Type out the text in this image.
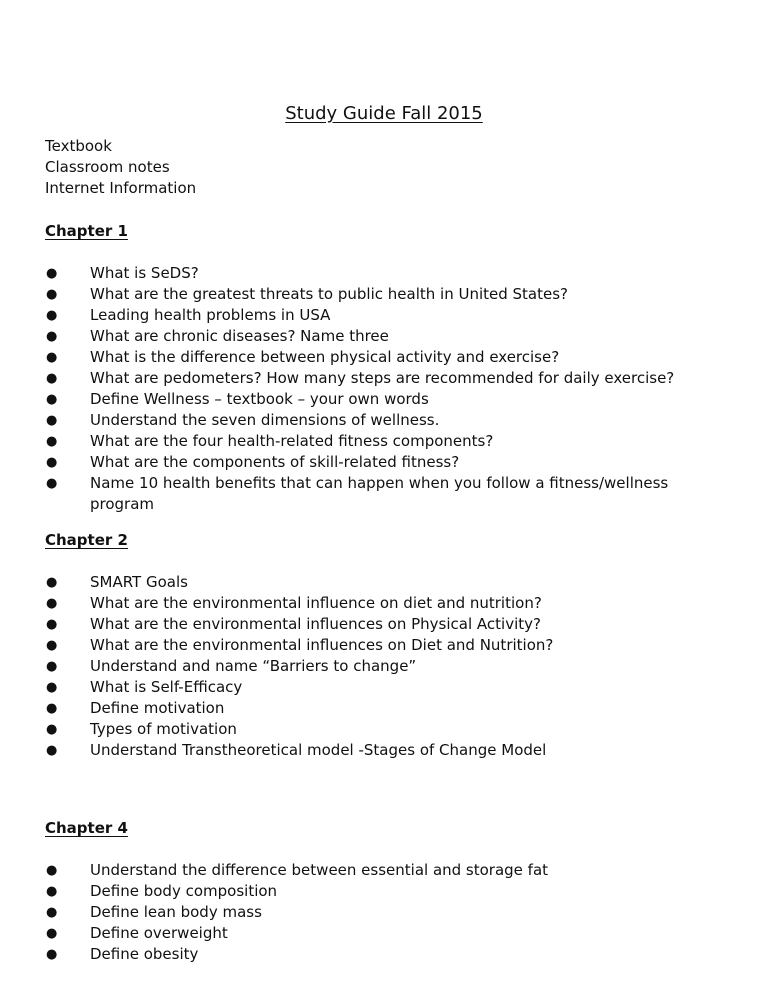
Study Guide Fall 2015
Textbook
Classroom notes
Internet Information
Chapter 1
● What is SeDS?
● What are the greatest threats to public health in United States?
● Leading health problems in USA
● What are chronic diseases? Name three
● What is the difference between physical activity and exercise?
● What are pedometers? How many steps are recommended for daily exercise?
● Define Wellness – textbook – your own words
● Understand the seven dimensions of wellness.
● What are the four health-related fitness components?
● What are the components of skill-related fitness?
● Name 10 health benefits that can happen when you follow a fitness/wellness program
Chapter 2
● SMART Goals
● What are the environmental influence on diet and nutrition?
● What are the environmental influences on Physical Activity?
● What are the environmental influences on Diet and Nutrition?
● Understand and name “Barriers to change”
● What is Self-Efficacy
● Define motivation
● Types of motivation
● Understand Transtheoretical model -Stages of Change Model
Chapter 4
● Understand the difference between essential and storage fat
● Define body composition
● Define lean body mass
● Define overweight
● Define obesity
